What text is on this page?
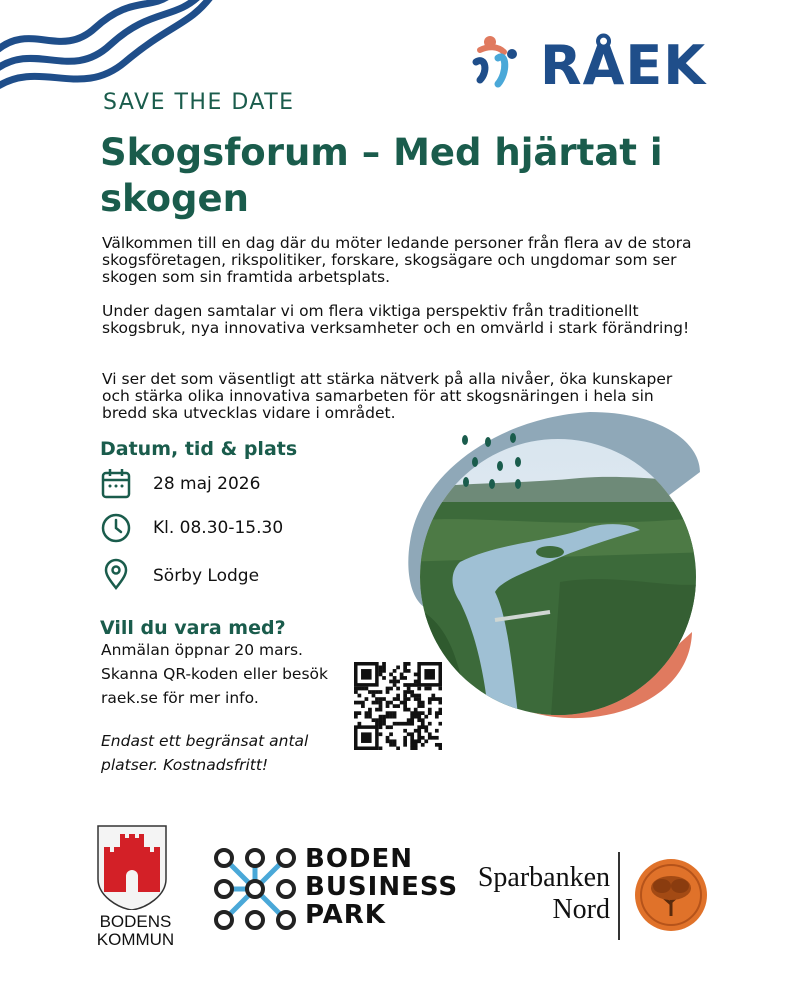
RÅEK
SAVE THE DATE
Skogsforum – Med hjärtat i skogen
Välkommen till en dag där du möter ledande personer från flera av de stora skogsföretagen, rikspolitiker, forskare, skogsägare och ungdomar som ser skogen som sin framtida arbetsplats.
Under dagen samtalar vi om flera viktiga perspektiv från traditionellt skogsbruk, nya innovativa verksamheter och en omvärld i stark förändring!
Vi ser det som väsentligt att stärka nätverk på alla nivåer, öka kunskaper och stärka olika innovativa samarbeten för att skogsnäringen i hela sin bredd ska utvecklas vidare i området.
Datum, tid & plats
28 maj 2026
Kl. 08.30-15.30
Sörby Lodge
Vill du vara med?
Anmälan öppnar 20 mars.
Skanna QR-koden eller besök
raek.se för mer info.
Endast ett begränsat antal
platser. Kostnadsfritt!
BODENS
KOMMUN
BODEN
BUSINESS
PARK
Sparbanken
Nord
